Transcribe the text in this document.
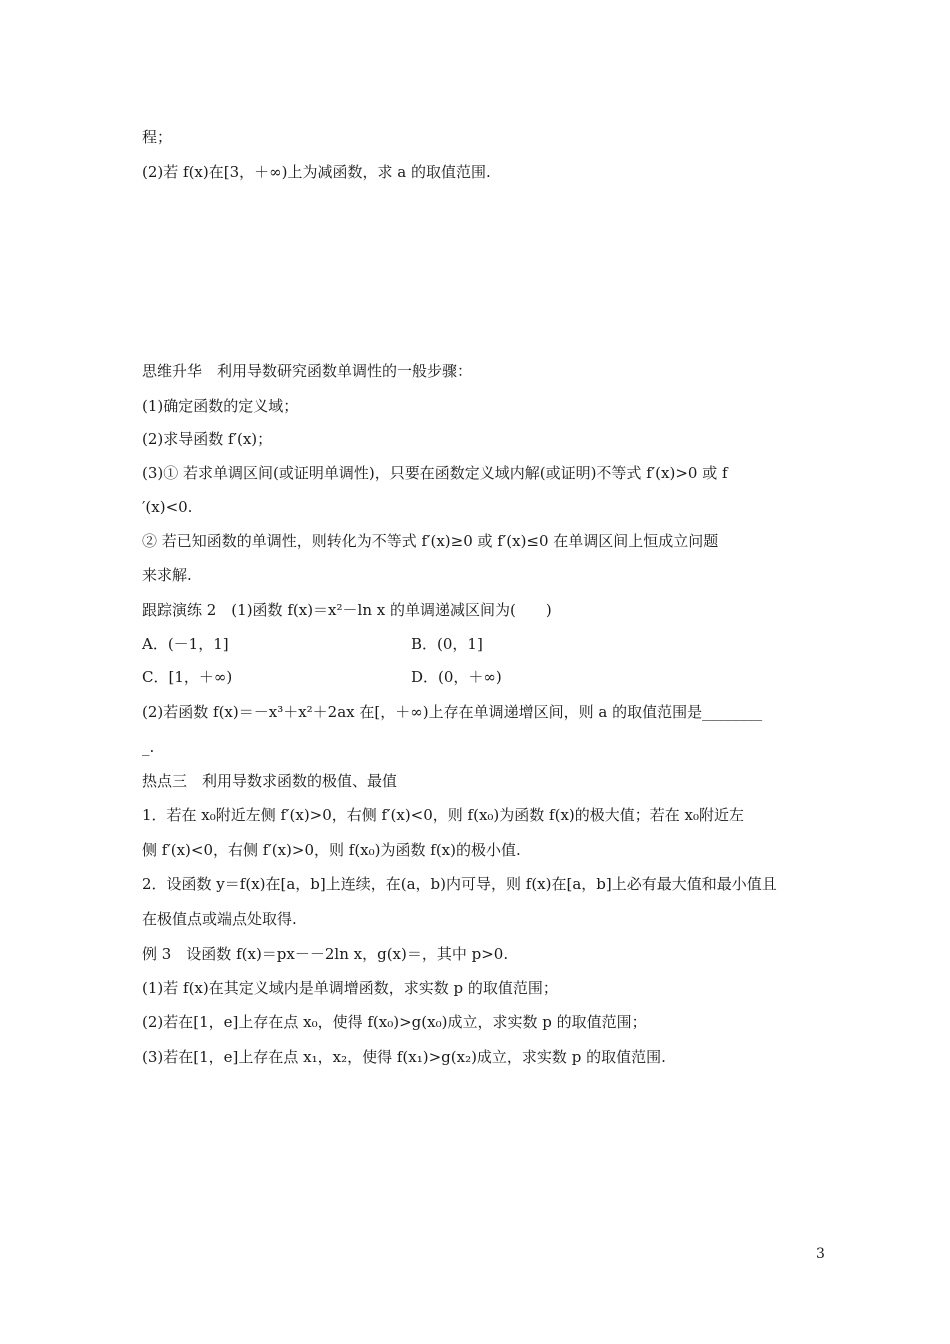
程；
(2)若 f(x)在[3，＋∞)上为减函数，求 a 的取值范围.
思维升华　利用导数研究函数单调性的一般步骤：
(1)确定函数的定义域；
(2)求导函数 f′(x)；
(3)① 若求单调区间(或证明单调性)，只要在函数定义域内解(或证明)不等式 f′(x)>0 或 f
′(x)<0.
② 若已知函数的单调性，则转化为不等式 f′(x)≥0 或 f′(x)≤0 在单调区间上恒成立问题
来求解.
跟踪演练 2　(1)函数 f(x)＝x²－ln x 的单调递减区间为(　　)
A．(－1，1]	B．(0，1]
C．[1，＋∞)	D．(0，＋∞)
(2)若函数 f(x)＝－x³＋x²＋2ax 在[，＋∞)上存在单调递增区间，则 a 的取值范围是________
_.
热点三　利用导数求函数的极值、最值
1．若在 x₀附近左侧 f′(x)>0，右侧 f′(x)<0，则 f(x₀)为函数 f(x)的极大值；若在 x₀附近左
侧 f′(x)<0，右侧 f′(x)>0，则 f(x₀)为函数 f(x)的极小值.
2．设函数 y＝f(x)在[a，b]上连续，在(a，b)内可导，则 f(x)在[a，b]上必有最大值和最小值且
在极值点或端点处取得.
例 3　设函数 f(x)＝px－－2ln x，g(x)＝，其中 p>0.
(1)若 f(x)在其定义域内是单调增函数，求实数 p 的取值范围；
(2)若在[1，e]上存在点 x₀，使得 f(x₀)>g(x₀)成立，求实数 p 的取值范围；
(3)若在[1，e]上存在点 x₁，x₂，使得 f(x₁)>g(x₂)成立，求实数 p 的取值范围.
3
